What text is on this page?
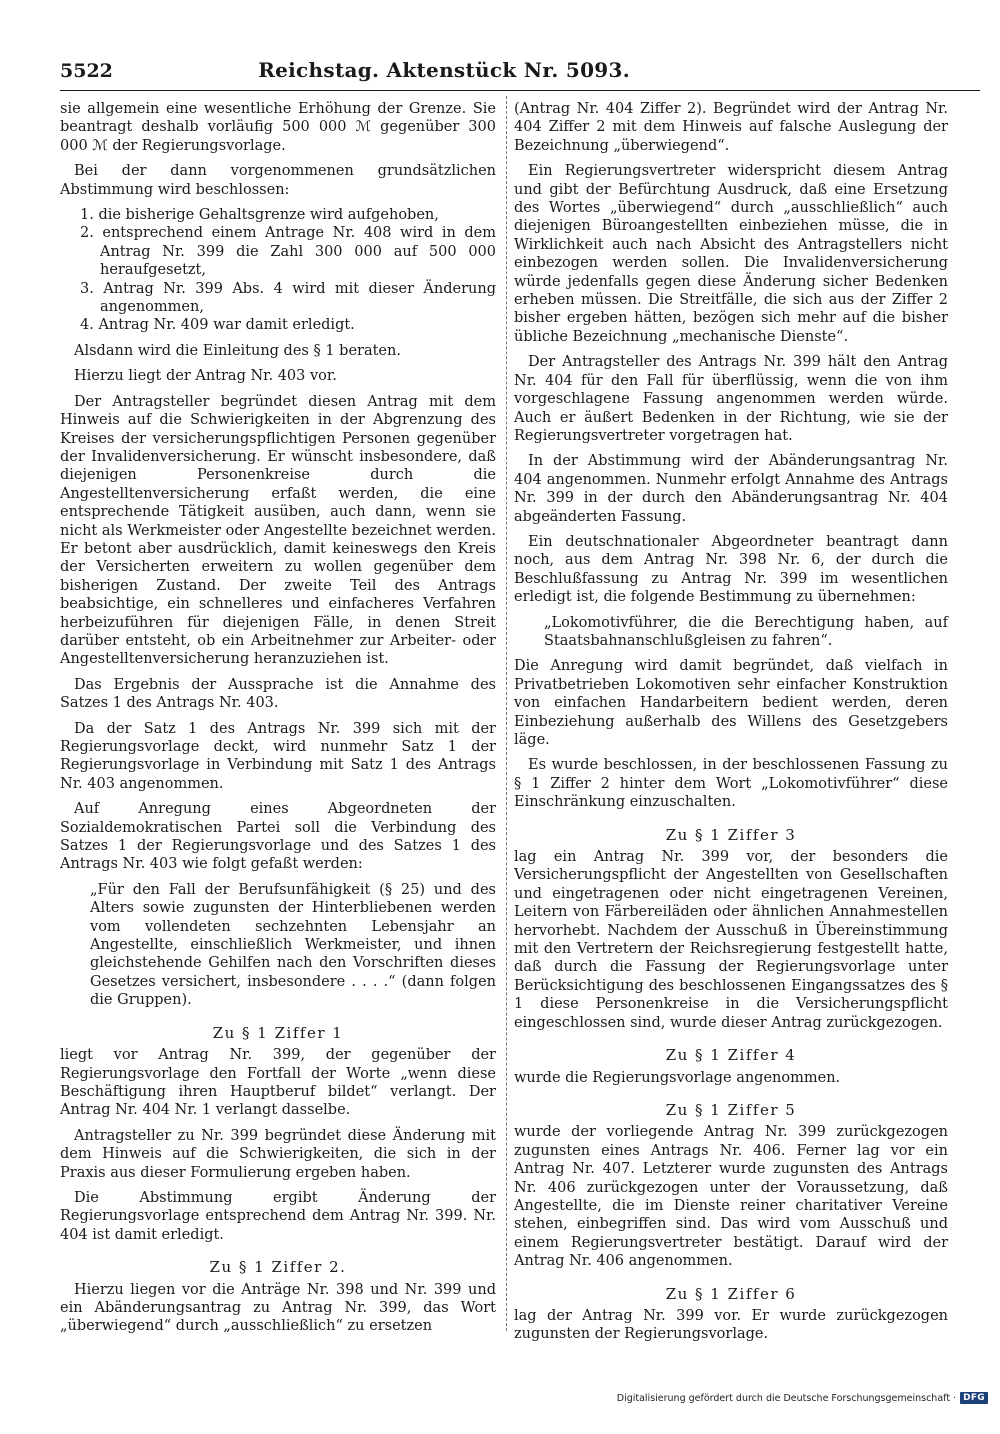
5522	Reichstag. Aktenstück Nr. 5093.

sie allgemein eine wesentliche Erhöhung der Grenze. Sie beantragt deshalb vorläufig 500 000 ℳ gegenüber 300 000 ℳ der Regierungsvorlage.

Bei der dann vorgenommenen grundsätzlichen Abstimmung wird beschlossen:

1. die bisherige Gehaltsgrenze wird aufgehoben,
2. entsprechend einem Antrage Nr. 408 wird in dem Antrag Nr. 399 die Zahl 300 000 auf 500 000 heraufgesetzt,
3. Antrag Nr. 399 Abs. 4 wird mit dieser Änderung angenommen,
4. Antrag Nr. 409 war damit erledigt.

Alsdann wird die Einleitung des § 1 beraten.

Hierzu liegt der Antrag Nr. 403 vor.

Der Antragsteller begründet diesen Antrag mit dem Hinweis auf die Schwierigkeiten in der Abgrenzung des Kreises der versicherungspflichtigen Personen gegenüber der Invalidenversicherung. Er wünscht insbesondere, daß diejenigen Personenkreise durch die Angestelltenversicherung erfaßt werden, die eine entsprechende Tätigkeit ausüben, auch dann, wenn sie nicht als Werkmeister oder Angestellte bezeichnet werden. Er betont aber ausdrücklich, damit keineswegs den Kreis der Versicherten erweitern zu wollen gegenüber dem bisherigen Zustand. Der zweite Teil des Antrags beabsichtige, ein schnelleres und einfacheres Verfahren herbeizuführen für diejenigen Fälle, in denen Streit darüber entsteht, ob ein Arbeitnehmer zur Arbeiter- oder Angestelltenversicherung heranzuziehen ist.

Das Ergebnis der Aussprache ist die Annahme des Satzes 1 des Antrags Nr. 403.

Da der Satz 1 des Antrags Nr. 399 sich mit der Regierungsvorlage deckt, wird nunmehr Satz 1 der Regierungsvorlage in Verbindung mit Satz 1 des Antrags Nr. 403 angenommen.

Auf Anregung eines Abgeordneten der Sozialdemokratischen Partei soll die Verbindung des Satzes 1 der Regierungsvorlage und des Satzes 1 des Antrags Nr. 403 wie folgt gefaßt werden:

„Für den Fall der Berufsunfähigkeit (§ 25) und des Alters sowie zugunsten der Hinterbliebenen werden vom vollendeten sechzehnten Lebensjahr an Angestellte, einschließlich Werkmeister, und ihnen gleichstehende Gehilfen nach den Vorschriften dieses Gesetzes versichert, insbesondere . . . .“ (dann folgen die Gruppen).

Zu § 1 Ziffer 1

liegt vor Antrag Nr. 399, der gegenüber der Regierungsvorlage den Fortfall der Worte „wenn diese Beschäftigung ihren Hauptberuf bildet“ verlangt. Der Antrag Nr. 404 Nr. 1 verlangt dasselbe.

Antragsteller zu Nr. 399 begründet diese Änderung mit dem Hinweis auf die Schwierigkeiten, die sich in der Praxis aus dieser Formulierung ergeben haben.

Die Abstimmung ergibt Änderung der Regierungsvorlage entsprechend dem Antrag Nr. 399. Nr. 404 ist damit erledigt.

Zu § 1 Ziffer 2.

Hierzu liegen vor die Anträge Nr. 398 und Nr. 399 und ein Abänderungsantrag zu Antrag Nr. 399, das Wort „überwiegend“ durch „ausschließlich“ zu ersetzen

(Antrag Nr. 404 Ziffer 2). Begründet wird der Antrag Nr. 404 Ziffer 2 mit dem Hinweis auf falsche Auslegung der Bezeichnung „überwiegend“.

Ein Regierungsvertreter widerspricht diesem Antrag und gibt der Befürchtung Ausdruck, daß eine Ersetzung des Wortes „überwiegend“ durch „ausschließlich“ auch diejenigen Büroangestellten einbeziehen müsse, die in Wirklichkeit auch nach Absicht des Antragstellers nicht einbezogen werden sollen. Die Invalidenversicherung würde jedenfalls gegen diese Änderung sicher Bedenken erheben müssen. Die Streitfälle, die sich aus der Ziffer 2 bisher ergeben hätten, bezögen sich mehr auf die bisher übliche Bezeichnung „mechanische Dienste“.

Der Antragsteller des Antrags Nr. 399 hält den Antrag Nr. 404 für den Fall für überflüssig, wenn die von ihm vorgeschlagene Fassung angenommen werden würde. Auch er äußert Bedenken in der Richtung, wie sie der Regierungsvertreter vorgetragen hat.

In der Abstimmung wird der Abänderungsantrag Nr. 404 angenommen. Nunmehr erfolgt Annahme des Antrags Nr. 399 in der durch den Abänderungsantrag Nr. 404 abgeänderten Fassung.

Ein deutschnationaler Abgeordneter beantragt dann noch, aus dem Antrag Nr. 398 Nr. 6, der durch die Beschlußfassung zu Antrag Nr. 399 im wesentlichen erledigt ist, die folgende Bestimmung zu übernehmen:

„Lokomotivführer, die die Berechtigung haben, auf Staatsbahnanschlußgleisen zu fahren“.

Die Anregung wird damit begründet, daß vielfach in Privatbetrieben Lokomotiven sehr einfacher Konstruktion von einfachen Handarbeitern bedient werden, deren Einbeziehung außerhalb des Willens des Gesetzgebers läge.

Es wurde beschlossen, in der beschlossenen Fassung zu § 1 Ziffer 2 hinter dem Wort „Lokomotivführer“ diese Einschränkung einzuschalten.

Zu § 1 Ziffer 3

lag ein Antrag Nr. 399 vor, der besonders die Versicherungspflicht der Angestellten von Gesellschaften und eingetragenen oder nicht eingetragenen Vereinen, Leitern von Färbereiläden oder ähnlichen Annahmestellen hervorhebt. Nachdem der Ausschuß in Übereinstimmung mit den Vertretern der Reichsregierung festgestellt hatte, daß durch die Fassung der Regierungsvorlage unter Berücksichtigung des beschlossenen Eingangssatzes des § 1 diese Personenkreise in die Versicherungspflicht eingeschlossen sind, wurde dieser Antrag zurückgezogen.

Zu § 1 Ziffer 4

wurde die Regierungsvorlage angenommen.

Zu § 1 Ziffer 5

wurde der vorliegende Antrag Nr. 399 zurückgezogen zugunsten eines Antrags Nr. 406. Ferner lag vor ein Antrag Nr. 407. Letzterer wurde zugunsten des Antrags Nr. 406 zurückgezogen unter der Voraussetzung, daß Angestellte, die im Dienste reiner charitativer Vereine stehen, einbegriffen sind. Das wird vom Ausschuß und einem Regierungsvertreter bestätigt. Darauf wird der Antrag Nr. 406 angenommen.

Zu § 1 Ziffer 6

lag der Antrag Nr. 399 vor. Er wurde zurückgezogen zugunsten der Regierungsvorlage.

Digitalisierung gefördert durch die Deutsche Forschungsgemeinschaft · DFG
